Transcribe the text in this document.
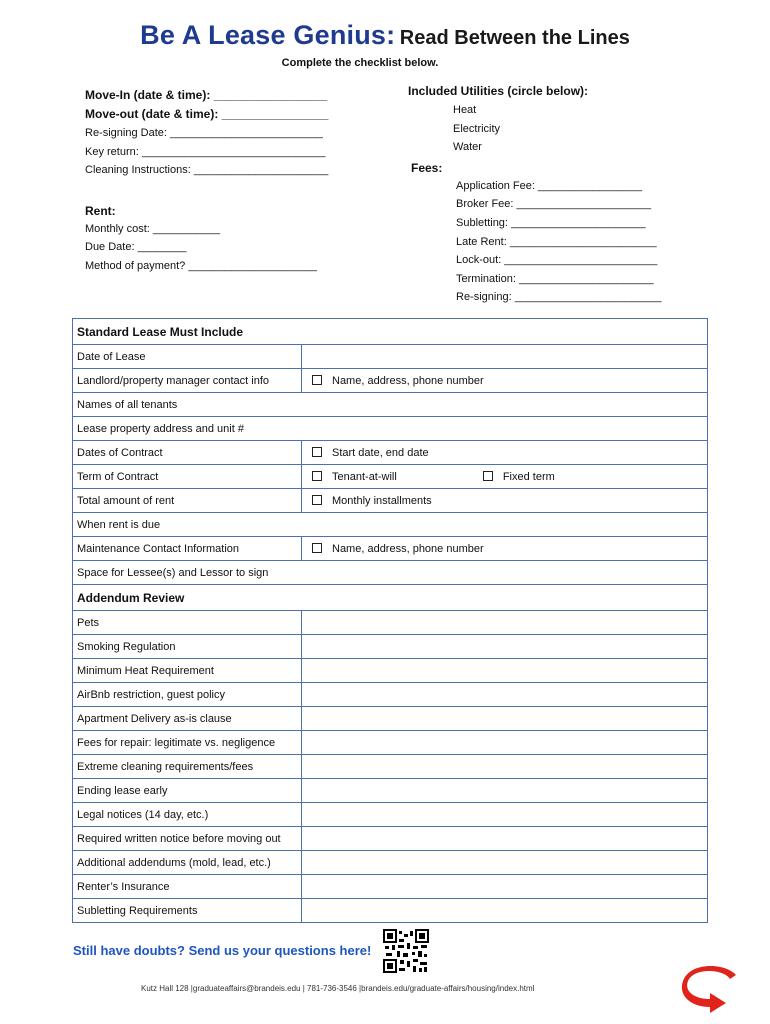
Be A Lease Genius: Read Between the Lines
Complete the checklist below.
Move-In (date & time): _________________
Move-out (date & time): ________________
Re-signing Date: _________________________
Key return: ______________________________
Cleaning Instructions: ______________________
Rent:
Monthly cost: ___________
Due Date: ________
Method of payment? _____________________
Included Utilities (circle below):
Heat
Electricity
Water
Fees:
Application Fee: _________________
Broker Fee: ______________________
Subletting: ______________________
Late Rent: ________________________
Lock-out: _________________________
Termination: ______________________
Re-signing: ________________________
Standard Lease Must Include	
Date of Lease	
Landlord/property manager contact info	Name, address, phone number
Names of all tenants	
Lease property address and unit #	
Dates of Contract	Start date, end date
Term of Contract	Tenant-at-will Fixed term
Total amount of rent	Monthly installments
When rent is due	
Maintenance Contact Information	Name, address, phone number
Space for Lessee(s) and Lessor to sign	
Addendum Review	
Pets	
Smoking Regulation	
Minimum Heat Requirement	
AirBnb restriction, guest policy	
Apartment Delivery as-is clause	
Fees for repair: legitimate vs. negligence	
Extreme cleaning requirements/fees	
Ending lease early	
Legal notices (14 day, etc.)	
Required written notice before moving out	
Additional addendums (mold, lead, etc.)	
Renter’s Insurance	
Subletting Requirements	
Still have doubts? Send us your questions here!
Kutz Hall 128 |graduateaffairs@brandeis.edu | 781-736-3546 |brandeis.edu/graduate-affairs/housing/index.html
